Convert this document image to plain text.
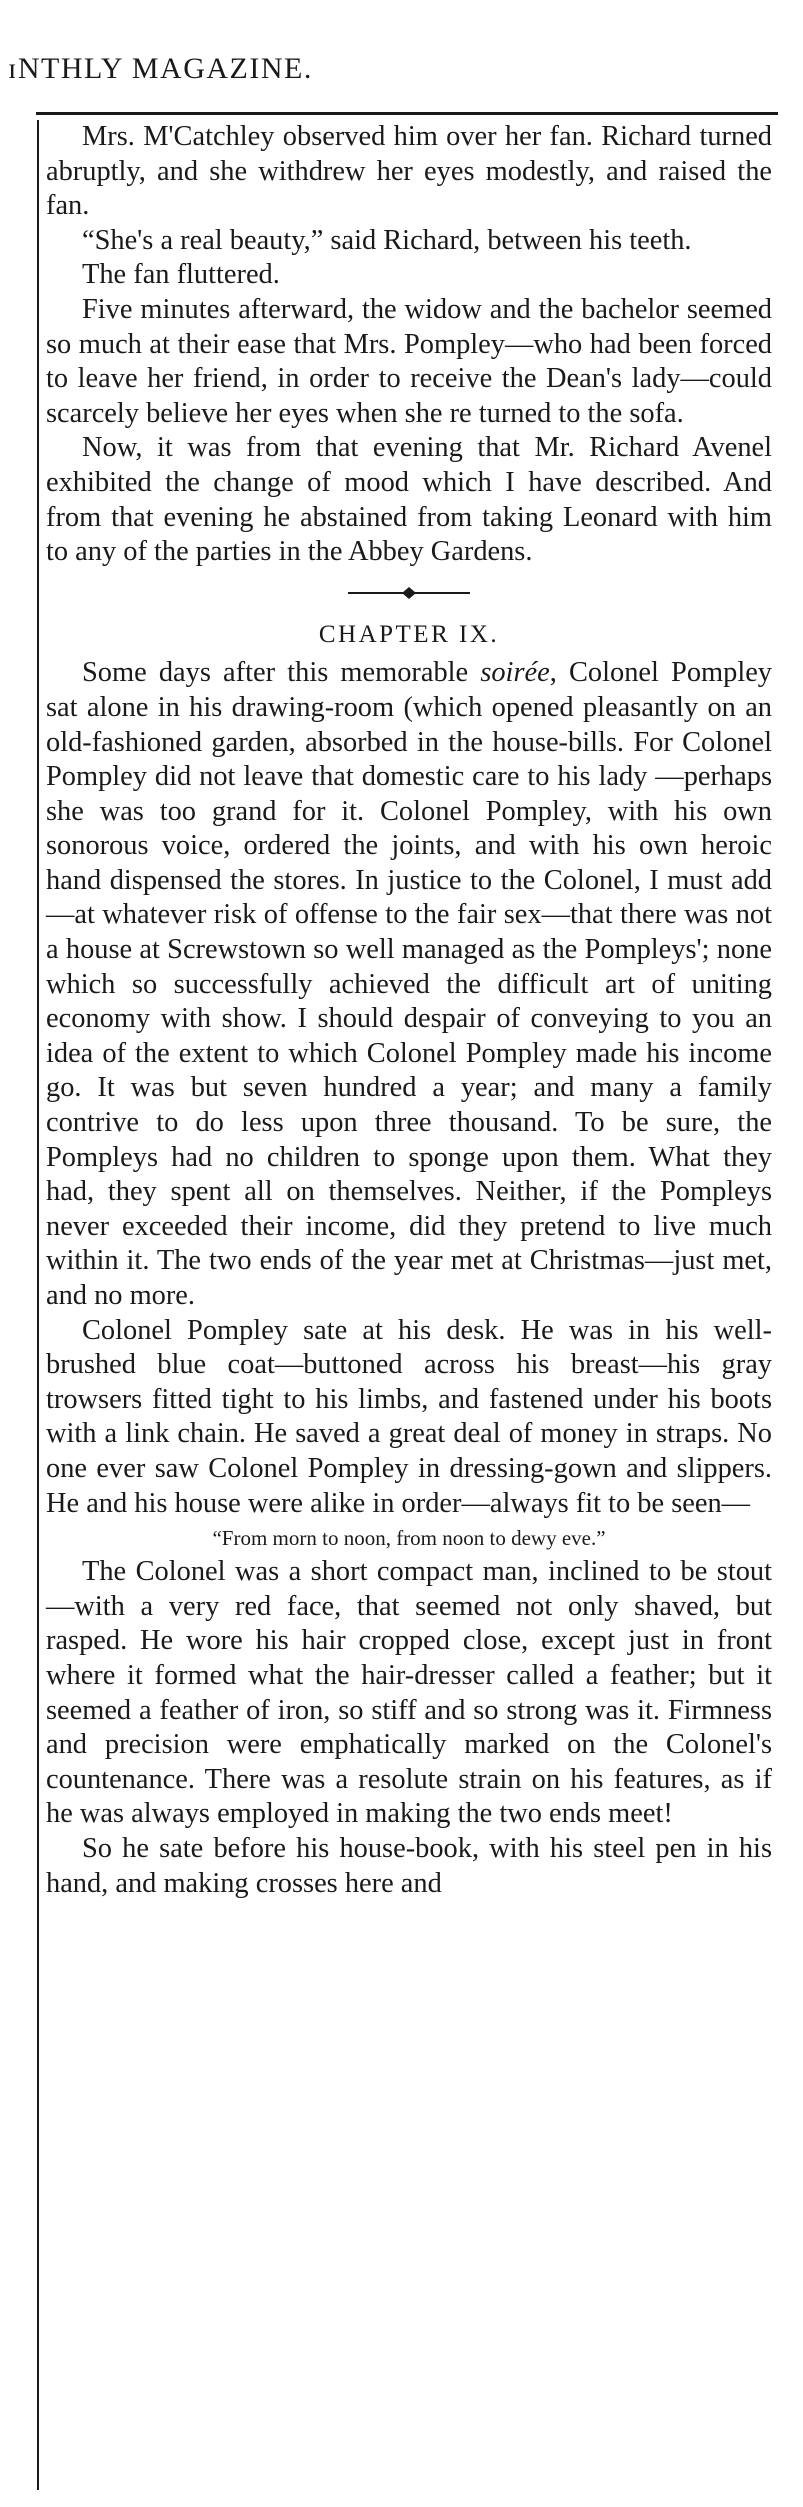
ɪNTHLY MAGAZINE.

Mrs. M'Catchley observed him over her fan. Richard turned abruptly, and she withdrew her eyes modestly, and raised the fan.

“She's a real beauty,” said Richard, between his teeth.

The fan fluttered.

Five minutes afterward, the widow and the bachelor seemed so much at their ease that Mrs. Pompley—who had been forced to leave her friend, in order to receive the Dean's lady—could scarcely believe her eyes when she re turned to the sofa.

Now, it was from that evening that Mr. Richard Avenel exhibited the change of mood which I have described. And from that evening he abstained from taking Leonard with him to any of the parties in the Abbey Gardens.

CHAPTER IX.

Some days after this memorable soirée, Colonel Pompley sat alone in his drawing-room (which opened pleasantly on an old-fashioned garden, absorbed in the house-bills. For Colonel Pompley did not leave that domestic care to his lady —perhaps she was too grand for it. Colonel Pompley, with his own sonorous voice, ordered the joints, and with his own heroic hand dispensed the stores. In justice to the Colonel, I must add—at whatever risk of offense to the fair sex—that there was not a house at Screwstown so well managed as the Pompleys'; none which so successfully achieved the difficult art of uniting economy with show. I should despair of conveying to you an idea of the extent to which Colonel Pompley made his income go. It was but seven hundred a year; and many a family contrive to do less upon three thousand. To be sure, the Pompleys had no children to sponge upon them. What they had, they spent all on themselves. Neither, if the Pompleys never exceeded their income, did they pretend to live much within it. The two ends of the year met at Christmas—just met, and no more.

Colonel Pompley sate at his desk. He was in his well-brushed blue coat—buttoned across his breast—his gray trowsers fitted tight to his limbs, and fastened under his boots with a link chain. He saved a great deal of money in straps. No one ever saw Colonel Pompley in dressing-gown and slippers. He and his house were alike in order—always fit to be seen—

“From morn to noon, from noon to dewy eve.”

The Colonel was a short compact man, inclined to be stout—with a very red face, that seemed not only shaved, but rasped. He wore his hair cropped close, except just in front where it formed what the hair-dresser called a feather; but it seemed a feather of iron, so stiff and so strong was it. Firmness and precision were emphatically marked on the Colonel's countenance. There was a resolute strain on his features, as if he was always employed in making the two ends meet!

So he sate before his house-book, with his steel pen in his hand, and making crosses here and
